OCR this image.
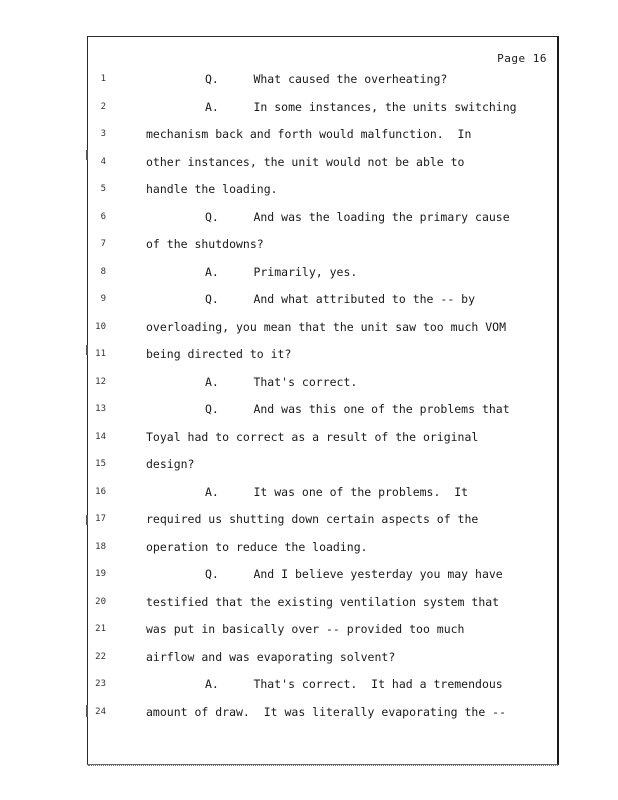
Page 16
1	Q.     What caused the overheating?
2	A.     In some instances, the units switching
3	mechanism back and forth would malfunction.  In
4	other instances, the unit would not be able to
5	handle the loading.
6	Q.     And was the loading the primary cause
7	of the shutdowns?
8	A.     Primarily, yes.
9	Q.     And what attributed to the -- by
10	overloading, you mean that the unit saw too much VOM
11	being directed to it?
12	A.     That's correct.
13	Q.     And was this one of the problems that
14	Toyal had to correct as a result of the original
15	design?
16	A.     It was one of the problems.  It
17	required us shutting down certain aspects of the
18	operation to reduce the loading.
19	Q.     And I believe yesterday you may have
20	testified that the existing ventilation system that
21	was put in basically over -- provided too much
22	airflow and was evaporating solvent?
23	A.     That's correct.  It had a tremendous
24	amount of draw.  It was literally evaporating the --
